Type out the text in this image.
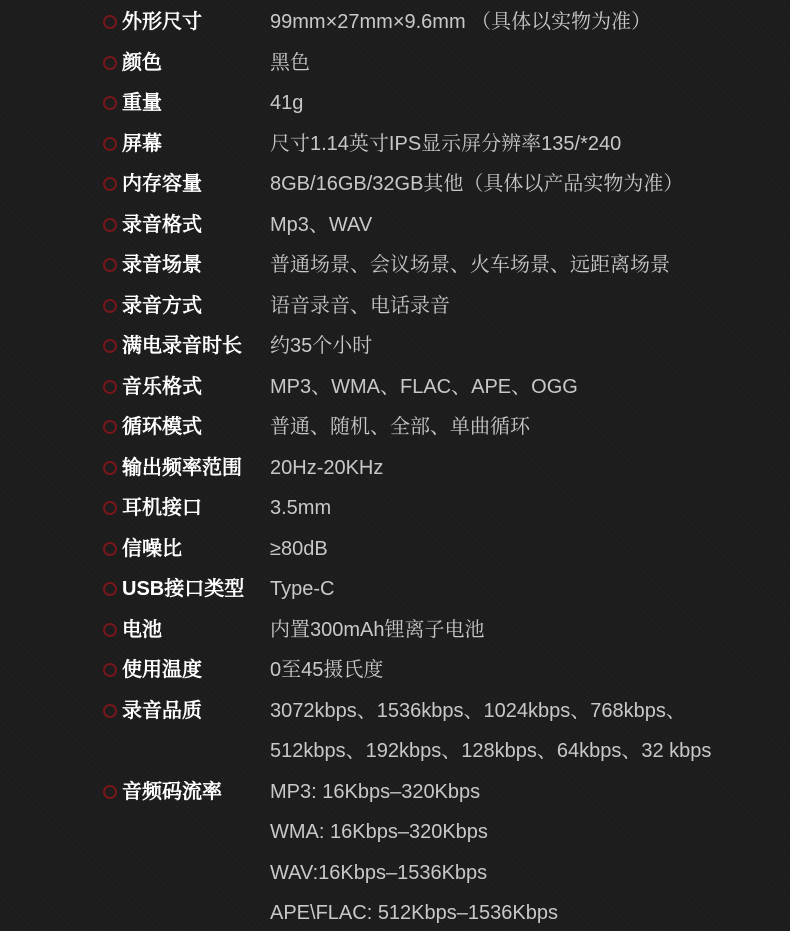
外形尺寸	99mm×27mm×9.6mm （具体以实物为准）
颜色	黑色
重量	41g
屏幕	尺寸1.14英寸IPS显示屏分辨率135/*240
内存容量	8GB/16GB/32GB其他（具体以产品实物为准）
录音格式	Mp3、WAV
录音场景	普通场景、会议场景、火车场景、远距离场景
录音方式	语音录音、电话录音
满电录音时长	约35个小时
音乐格式	MP3、WMA、FLAC、APE、OGG
循环模式	普通、随机、全部、单曲循环
输出频率范围	20Hz-20KHz
耳机接口	3.5mm
信噪比	≥80dB
USB接口类型	Type-C
电池	内置300mAh锂离子电池
使用温度	0至45摄氏度
录音品质	3072kbps、1536kbps、1024kbps、768kbps、
512kbps、192kbps、128kbps、64kbps、32 kbps
音频码流率	MP3: 16Kbps–320Kbps
WMA: 16Kbps–320Kbps
WAV:16Kbps–1536Kbps
APE\FLAC: 512Kbps–1536Kbps
